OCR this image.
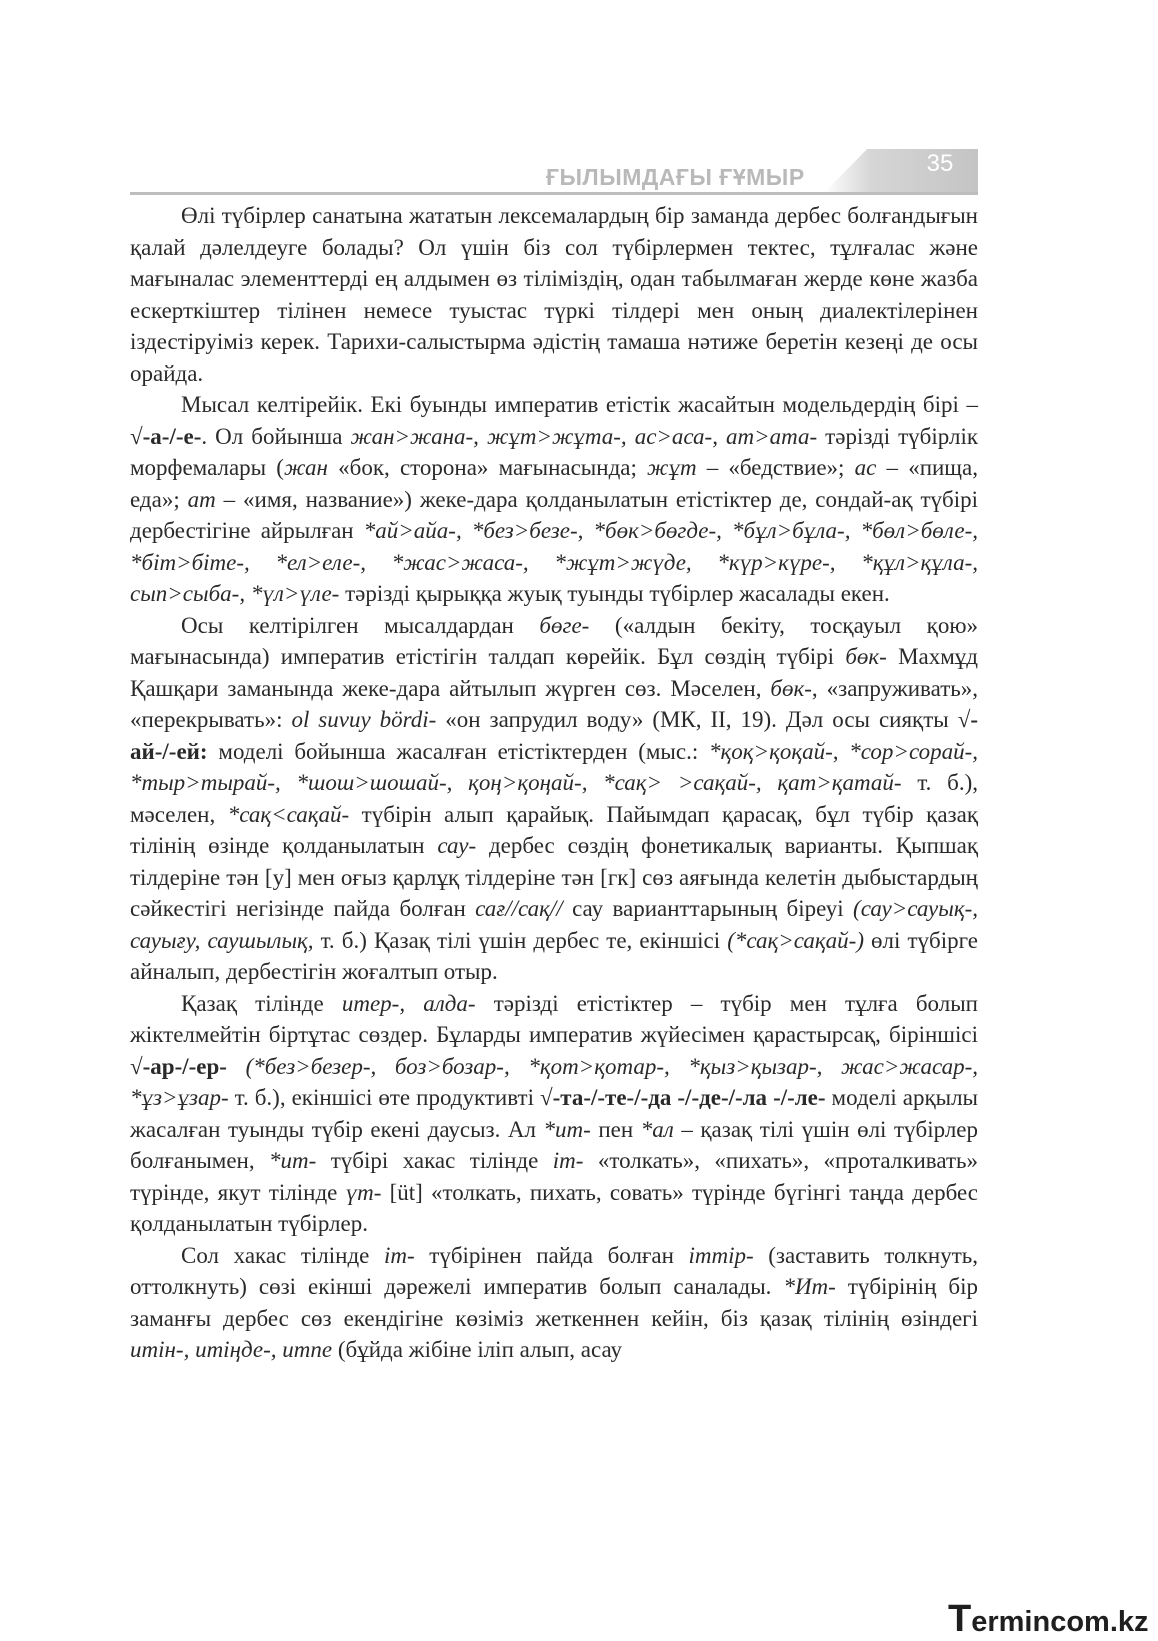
ҒЫЛЫМДАҒЫ ҒҰМЫР	35

Өлі түбірлер санатына жататын лексемалардың бір заманда дербес болғандығын қалай дәлелдеуге болады? Ол үшін біз сол түбірлермен тектес, тұлғалас және мағыналас элементтерді ең алдымен өз тіліміздің, одан табылмаған жерде көне жазба ескерткіштер тілінен немесе туыстас түркі тілдері мен оның диалектілерінен іздестіруіміз керек. Тарихи-салыстырма әдістің тамаша нәтиже беретін кезеңі де осы орайда.

Мысал келтірейік. Екі буынды императив етістік жасайтын модельдердің бірі – √-а-/-е-. Ол бойынша жан>жана-, жұт>жұта-, ас>аса-, ат>ата- тәрізді түбірлік морфемалары (жан «бок, сторона» мағынасында; жұт – «бедствие»; ас – «пища, еда»; ат – «имя, название») жеке-дара қолданылатын етістіктер де, сондай-ақ түбірі дербестігіне айрылған *ай>айа-, *без>безе-, *бөк>бөгде-, *бұл>бұла-, *бөл>бөле-, *біт>біте-, *ел>еле-, *жас>жаса-, *жұт>жүде, *күр>күре-, *құл>құла-, сып>сыба-, *үл>үле- тәрізді қырыққа жуық туынды түбірлер жасалады екен.

Осы келтірілген мысалдардан бөге- («алдын бекіту, тосқауыл қою» мағынасында) императив етістігін талдап көрейік. Бұл сөздің түбірі бөк- Махмұд Қашқари заманында жеке-дара айтылып жүрген сөз. Мәселен, бөк-, «запруживать», «перекрывать»: ol suvuy bördi- «он запрудил воду» (МК, ІІ, 19). Дәл осы сияқты √-ай-/-ей: моделі бойынша жасалған етістіктерден (мыс.: *қоқ>қоқай-, *сор>сорай-, *тыр>тырай-, *шош>шошай-, қоң>қоңай-, *сақ> >сақай-, қат>қатай- т. б.), мәселен, *сақ<сақай- түбірін алып қарайық. Пайымдап қарасақ, бұл түбір қазақ тілінің өзінде қолданылатын сау- дербес сөздің фонетикалық варианты. Қыпшақ тілдеріне тән [у] мен оғыз қарлұқ тілдеріне тән [гк] сөз аяғында келетін дыбыстардың сәйкестігі негізінде пайда болған сағ//сақ// сау варианттарының біреуі (сау>сауық-, сауығу, саушылық, т. б.) Қазақ тілі үшін дербес те, екіншісі (*сақ>сақай-) өлі түбірге айналып, дербестігін жоғалтып отыр.

Қазақ тілінде итер-, алда- тәрізді етістіктер – түбір мен тұлға болып жіктелмейтін біртұтас сөздер. Бұларды императив жүйесімен қарастырсақ, біріншісі √-ар-/-ер- (*без>безер-, боз>бозар-, *қот>қотар-, *қыз>қызар-, жас>жасар-, *ұз>ұзар- т. б.), екіншісі өте продуктивті √-та-/-те-/-да -/-де-/-ла -/-ле- моделі арқылы жасалған туынды түбір екені даусыз. Ал *ит- пен *ал – қазақ тілі үшін өлі түбірлер болғанымен, *ит- түбірі хакас тілінде іт- «толкать», «пихать», «проталкивать» түрінде, якут тілінде үт- [üt] «толкать, пихать, совать» түрінде бүгінгі таңда дербес қолданылатын түбірлер.

Сол хакас тілінде іт- түбірінен пайда болған іттір- (заставить толкнуть, оттолкнуть) сөзі екінші дәрежелі императив болып саналады. *Ит- түбірінің бір заманғы дербес сөз екендігіне көзіміз жеткеннен кейін, біз қазақ тілінің өзіндегі итін-, итіңде-, итпе (бұйда жібіне іліп алып, асау

Termincom.kz
